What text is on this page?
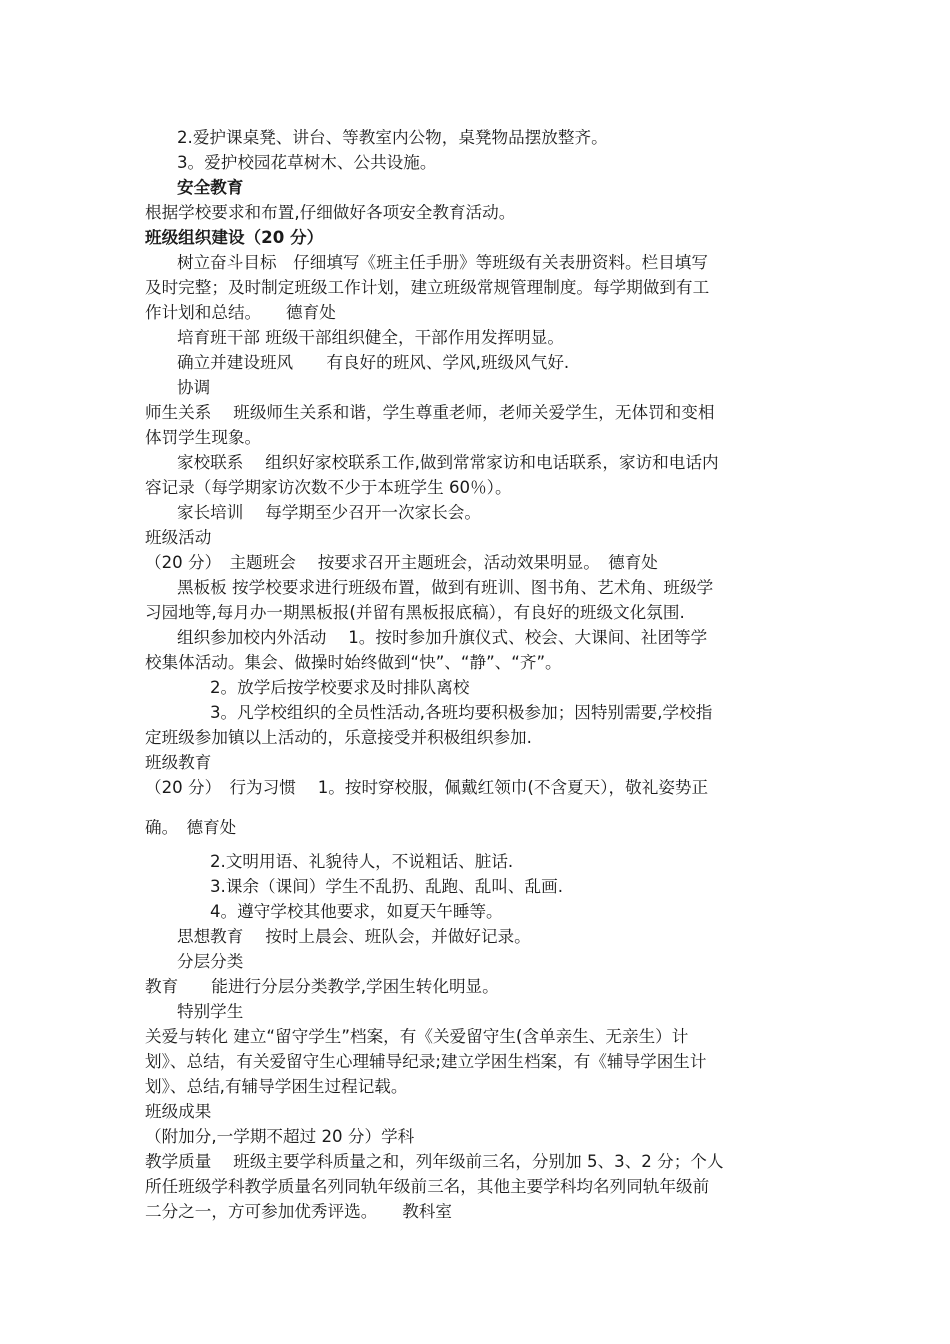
2.爱护课桌凳、讲台、等教室内公物，桌凳物品摆放整齐。

3。爱护校园花草树木、公共设施。

安全教育

根据学校要求和布置,仔细做好各项安全教育活动。

班级组织建设（20 分）

树立奋斗目标　仔细填写《班主任手册》等班级有关表册资料。栏目填写

及时完整；及时制定班级工作计划，建立班级常规管理制度。每学期做到有工

作计划和总结。　　德育处

培育班干部 班级干部组织健全，干部作用发挥明显。

确立并建设班风　　有良好的班风、学风,班级风气好.

协调

师生关系　 班级师生关系和谐，学生尊重老师，老师关爱学生，无体罚和变相

体罚学生现象。

家校联系　 组织好家校联系工作,做到常常家访和电话联系，家访和电话内

容记录（每学期家访次数不少于本班学生 60％）。

家长培训　 每学期至少召开一次家长会。

班级活动

（20 分）　主题班会　 按要求召开主题班会，活动效果明显。　德育处

黑板板 按学校要求进行班级布置，做到有班训、图书角、艺术角、班级学

习园地等,每月办一期黑板报(并留有黑板报底稿），有良好的班级文化氛围.

组织参加校内外活动　 1。按时参加升旗仪式、校会、大课间、社团等学

校集体活动。集会、做操时始终做到“快”、“静”、“齐”。

2。放学后按学校要求及时排队离校

3。凡学校组织的全员性活动,各班均要积极参加；因特别需要,学校指

定班级参加镇以上活动的，乐意接受并积极组织参加.

班级教育

（20 分）　行为习惯　 1。按时穿校服，佩戴红领巾(不含夏天），敬礼姿势正

确。　德育处

2.文明用语、礼貌待人，不说粗话、脏话.

3.课余（课间）学生不乱扔、乱跑、乱叫、乱画.

4。遵守学校其他要求，如夏天午睡等。

思想教育　 按时上晨会、班队会，并做好记录。

分层分类

教育　　能进行分层分类教学,学困生转化明显。

特别学生

关爱与转化 建立“留守学生”档案，有《关爱留守生(含单亲生、无亲生）计

划》、总结，有关爱留守生心理辅导纪录;建立学困生档案，有《辅导学困生计

划》、总结,有辅导学困生过程记载。

班级成果

（附加分,一学期不超过 20 分）学科

教学质量　 班级主要学科质量之和，列年级前三名，分别加 5、3、2 分；个人

所任班级学科教学质量名列同轨年级前三名，其他主要学科均名列同轨年级前

二分之一，方可参加优秀评选。　　教科室
